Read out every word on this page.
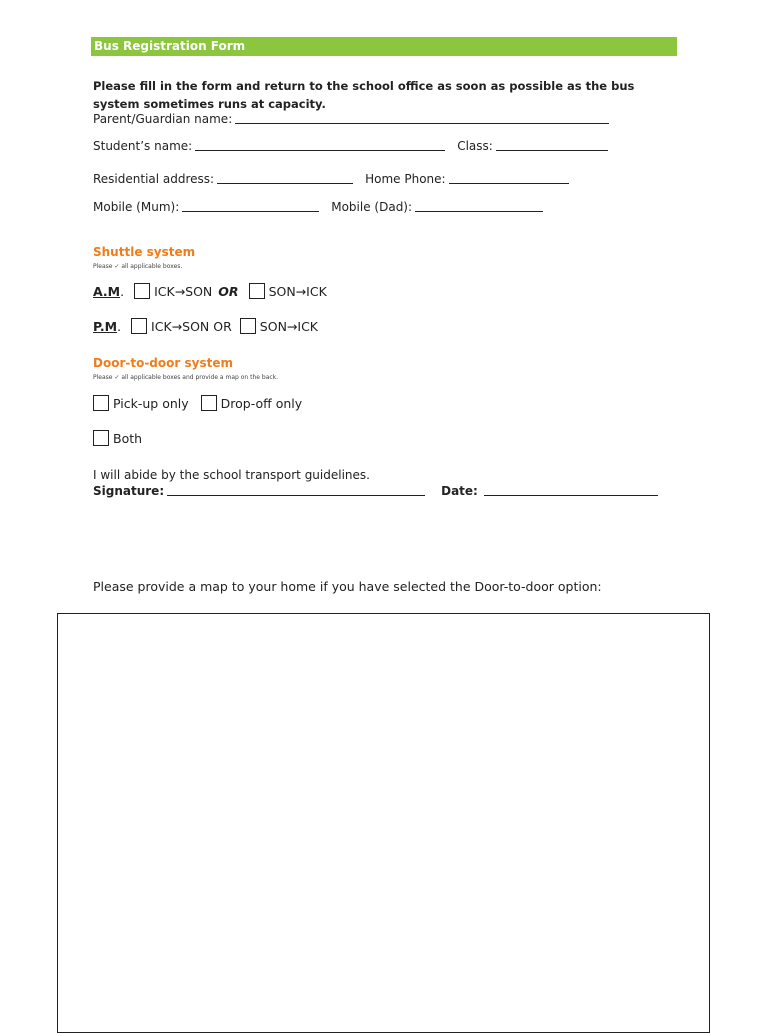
Bus Registration Form
Please fill in the form and return to the school office as soon as possible as the bus system sometimes runs at capacity.
Parent/Guardian name:
Student’s name:	Class:
Residential address:	Home Phone:
Mobile (Mum):	Mobile (Dad):
Shuttle system
Please ✓ all applicable boxes.
A.M . ICK→SON OR SON→ICK
P.M . ICK→SON OR SON→ICK
Door-to-door system
Please ✓ all applicable boxes and provide a map on the back.
Pick-up only	Drop-off only
Both
I will abide by the school transport guidelines.
Signature:	Date:
Please provide a map to your home if you have selected the Door-to-door option:
